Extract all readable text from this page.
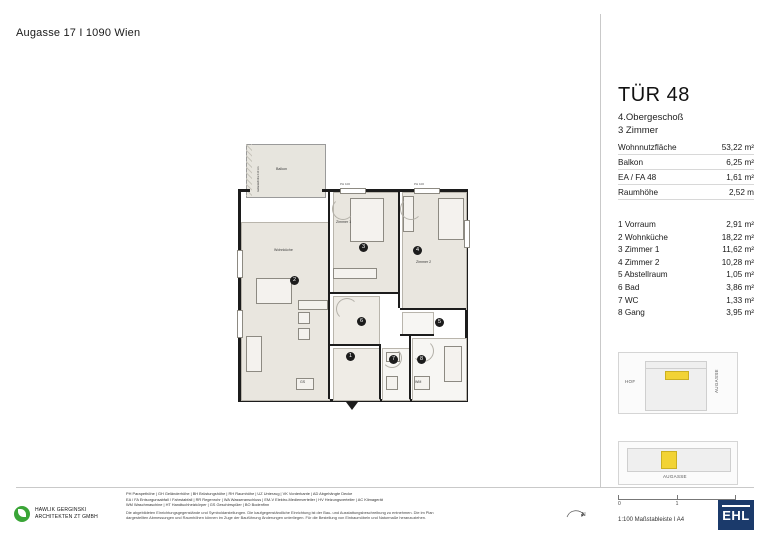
Augasse 17 I 1090 Wien
Balkon
Geländerhöhe 110 cm	PH 100	PH 100
GS	WM
1
2
3	4
5
6
7	8
Wohnküche
Zimmer 1
Zimmer 2
TÜR 48
4.Obergeschoß
3 Zimmer
Wohnnutzfläche	53,22 m²
Balkon	6,25 m²
EA / FA 48	1,61 m²
Raumhöhe	2,52 m
1 Vorraum	2,91 m²
2 Wohnküche	18,22 m²
3 Zimmer 1	11,62 m²
4 Zimmer 2	10,28 m²
5 Abstellraum	1,05 m²
6 Bad	3,86 m²
7 WC	1,33 m²
8 Gang	3,95 m²
HOF	AUGASSE
AUGASSE
0	1
1:100 Maßstableiste I A4
N
PH Parapethöhe | GH Geländerhöhe | BH Brüstungshöhe | RH Raumhöhe | UZ Unterzug | VK Vorderkante | AD Abgehängte Decke
EA / FA Entsorgunsabfall / Fahrstabfall | RR Regenrohr | WA Wasseranschluss | EM-V Elektro-Medienverteiler | HV Heizungsverteiler | AC Klimagerät
WM Waschmaschine | HT Handtuchheizkörper | GS Geschirrspüler | BO Bodenfinn
Die abgebildeten Einrichtungsgegenstände und Symboldarstellungen. Die kaufgegenständliche Einrichtung ist der Bau- und Ausstattungsbeschreibung zu entnehmen. Die im Plan
dargestellten Abmessungen und Raumhöhen können im Zuge der Bauführung Änderungen unterliegen. Für die Bestellung von Einbaumöbeln und Naturmaße heranzuziehen.
HAWLIK GERGINSKI
ARCHITEKTEN ZT GMBH	EHL
